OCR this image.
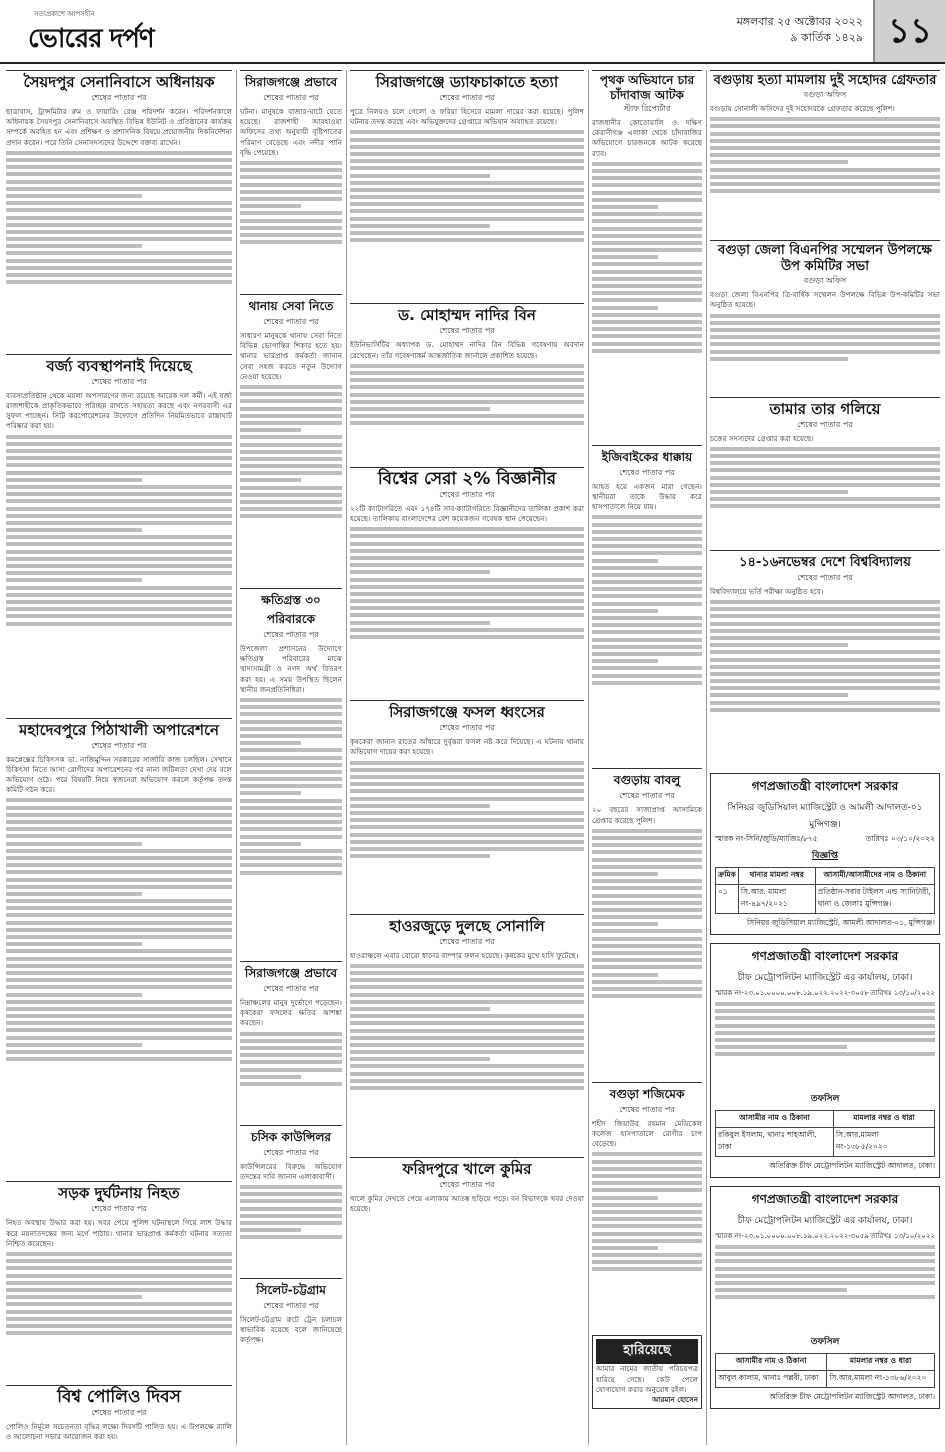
সত্যপ্রকাশে আপসহীন
ভোরের দর্পণ
মঙ্গলবার ২৫ অক্টোবর ২০২২
৯ কার্তিক ১৪২৯ ১১
সৈয়দপুর সেনানিবাসে অধিনায়ক
শেষের পাতার পর
ছাত্রাবাস, ট্রান্সমিটার রুম ও ফায়ারিং রেঞ্জ পরিদর্শন করেন। পরিদর্শনকালে অধিনায়ক সৈয়দপুর সেনানিবাসে অবস্থিত বিভিন্ন ইউনিট ও প্রতিষ্ঠানের কার্যক্রম সম্পর্কে অবহিত হন এবং প্রশিক্ষণ ও প্রশাসনিক বিষয়ে প্রয়োজনীয় দিকনির্দেশনা প্রদান করেন। পরে তিনি সেনাসদস্যদের উদ্দেশে বক্তব্য রাখেন।
বর্জ্য ব্যবস্থাপনাই দিয়েছে
শেষের পাতার পর
ব্যবসাপ্রতিষ্ঠান থেকে ময়লা অপসারণের জন্য রয়েছে আরেক দল কর্মী। এই বর্জ্য রাজশাহীকে প্রাকৃতিকভাবে পরিচ্ছন্ন রাখতে সহায়তা করছে এবং নগরবাসী এর সুফল পাচ্ছেন। সিটি করপোরেশনের উদ্যোগে প্রতিদিন নিয়মিতভাবে রাস্তাঘাট পরিষ্কার করা হয়।
মহাদেবপুরে পিঠাখালী অপারেশনে
শেষের পাতার পর
কমপ্লেক্সের চিকিৎসক ডা. নাজিমুদ্দিন সরকারের সার্জারি কাজ চলছিল। সেখানে চিকিৎসা নিতে আসা রোগীদের অপারেশনের পর নানা জটিলতা দেখা দেয় বলে অভিযোগ ওঠে। পরে বিষয়টি নিয়ে স্বজনেরা অভিযোগ করলে কর্তৃপক্ষ তদন্ত কমিটি গঠন করে।
সড়ক দুর্ঘটনায় নিহত
শেষের পাতার পর
নিহত অবস্থায় উদ্ধার করা হয়। খবর পেয়ে পুলিশ ঘটনাস্থলে গিয়ে লাশ উদ্ধার করে ময়নাতদন্তের জন্য মর্গে পাঠায়। থানার ভারপ্রাপ্ত কর্মকর্তা ঘটনার সত্যতা নিশ্চিত করেছেন।
বিশ্ব পোলিও দিবস
শেষের পাতার পর
পোলিও নির্মূলে সচেতনতা বৃদ্ধির লক্ষ্যে দিবসটি পালিত হয়। এ উপলক্ষে র‍্যালি ও আলোচনা সভার আয়োজন করা হয়।
সিরাজগঞ্জে প্রভাবে
শেষের পাতার পর
ঘটনা। মানুষকে বাজার-ঘাটে যেতে হয়েছে। রাজশাহী আবহাওয়া অফিসের তথ্য অনুযায়ী বৃষ্টিপাতের পরিমাণ বেড়েছে এবং নদীর পানি বৃদ্ধি পেয়েছে।
থানায় সেবা নিতে
শেষের পাতার পর
সাধারণ মানুষকে থানায় সেবা নিতে বিভিন্ন ভোগান্তির শিকার হতে হয়। থানার ভারপ্রাপ্ত কর্মকর্তা জানান সেবা সহজ করতে নতুন উদ্যোগ নেওয়া হয়েছে।
ক্ষতিগ্রস্ত ৩০ পরিবারকে
শেষের পাতার পর
উপজেলা প্রশাসনের উদ্যোগে ক্ষতিগ্রস্ত পরিবারের মাঝে খাদ্যসামগ্রী ও নগদ অর্থ বিতরণ করা হয়। এ সময় উপস্থিত ছিলেন স্থানীয় জনপ্রতিনিধিরা।
সিরাজগঞ্জে প্রভাবে
শেষের পাতার পর
নিম্নাঞ্চলের মানুষ দুর্ভোগে পড়েছেন। কৃষকেরা ফসলের ক্ষতির আশঙ্কা করছেন।
চসিক কাউন্সিলর
শেষের পাতার পর
কাউন্সিলরের বিরুদ্ধে অভিযোগ তদন্তের দাবি জানান এলাকাবাসী।
সিলেট-চট্টগ্রাম
শেষের পাতার পর
সিলেট-চট্টগ্রাম রুটে ট্রেন চলাচল স্বাভাবিক রয়েছে বলে জানিয়েছে কর্তৃপক্ষ।
সিরাজগঞ্জে ড্যাফচাকাতে হত্যা
শেষের পাতার পর
পুত্রে নিলয়ও চলে গেলো ও ফরিয়া হিসেবে মামলা দায়ের করা হয়েছে। পুলিশ ঘটনার তদন্ত করছে এবং অভিযুক্তদের গ্রেপ্তারে অভিযান অব্যাহত রয়েছে।
ড. মোহাম্মদ নাদির বিন
শেষের পাতার পর
ইউনিভার্সিটির অধ্যাপক ড. মোহাম্মদ নাদির বিন বিভিন্ন গবেষণায় অবদান রেখেছেন। তাঁর গবেষণাকর্ম আন্তর্জাতিক জার্নালে প্রকাশিত হয়েছে।
বিশ্বের সেরা ২% বিজ্ঞানীর
শেষের পাতার পর
২২টি ক্যাটাগরিতে এবং ১৭৪টি সাব-ক্যাটাগরিতে বিজ্ঞানীদের তালিকা প্রকাশ করা হয়েছে। তালিকায় বাংলাদেশের বেশ কয়েকজন গবেষক স্থান পেয়েছেন।
সিরাজগঞ্জে ফসল ধ্বংসের
শেষের পাতার পর
কৃষকেরা জানান রাতের আঁধারে দুর্বৃত্তরা ফসল নষ্ট করে দিয়েছে। এ ঘটনায় থানায় অভিযোগ দায়ের করা হয়েছে।
হাওরজুড়ে দুলছে সোনালি
শেষের পাতার পর
হাওরাঞ্চলে এবার বোরো ধানের বাম্পার ফলন হয়েছে। কৃষকের মুখে হাসি ফুটেছে।
ফরিদপুরে খালে কুমির
শেষের পাতার পর
খালে কুমির দেখতে পেয়ে এলাকায় আতঙ্ক ছড়িয়ে পড়ে। বন বিভাগকে খবর দেওয়া হয়েছে।
পৃথক অভিযানে চার চাঁদাবাজ আটক
স্টাফ রিপোর্টার
রাজধানীর কোতোয়ালি ও দক্ষিণ কেরানীগঞ্জ এলাকা থেকে চাঁদাবাজির অভিযোগে চারজনকে আটক করেছে র‍্যাব।
ইজিবাইকের ধাক্কায়
শেষের পাতার পর
আহত হয়ে একজন মারা গেছেন। স্থানীয়রা তাকে উদ্ধার করে হাসপাতালে নিয়ে যায়।
বগুড়ায় বাবলু
শেষের পাতার পর
২০ বছরের সাজাপ্রাপ্ত আসামিকে গ্রেপ্তার করেছে পুলিশ।
বগুড়া শজিমেক
শেষের পাতার পর
শহীদ জিয়াউর রহমান মেডিকেল কলেজ হাসপাতালে রোগীর চাপ বেড়েছে।
হারিয়েছে
আমার নামের জাতীয় পরিচয়পত্র হারিয়ে গেছে। কেউ পেলে যোগাযোগ করার অনুরোধ রইল।
আরমান হোসেন
বগুড়ায় হত্যা মামলায় দুই সহোদর গ্রেফতার
বগুড়া অফিস
বগুড়ায় সোনালী অসিদের দুই সহোদরকে গ্রেফতার করেছে পুলিশ।
বগুড়া জেলা বিএনপির সম্মেলন উপলক্ষে উপ কমিটির সভা
বগুড়া অফিস
বগুড়া জেলা বিএনপির ত্রি-বার্ষিক সম্মেলন উপলক্ষে বিভিন্ন উপ-কমিটির সভা অনুষ্ঠিত হয়েছে।
তামার তার গলিয়ে
শেষের পাতার পর
চক্রের সদস্যদের গ্রেপ্তার করা হয়েছে।
১৪-১৬নভেম্বর দেশে বিশ্ববিদ্যালয়
শেষের পাতার পর
বিশ্ববিদ্যালয়ে ভর্তি পরীক্ষা অনুষ্ঠিত হবে।
গণপ্রজাতন্ত্রী বাংলাদেশ সরকার
সিনিয়র জুডিসিয়াল ম্যাজিস্ট্রেট ও আমলী আদালত-০১
মুন্সিগঞ্জ।
স্মারক নং-সিনি/জুডি/ম্যাজিঃ/৮৭৫	তারিখঃ ০৩/১০/২০২২
বিজ্ঞপ্তি
ক্রমিক	থানার মামলা নম্বর	আসামী/আসামীদের নাম ও ঠিকানা
০১	সি.আর. মামলা নং-৪৯৭/২০২১	প্রতিষ্ঠান-সবার টাইলস এন্ড স্যানিটারী, থানা ও জেলাঃ মুন্সিগঞ্জ।
সিনিয়র জুডিসিয়াল ম্যাজিস্ট্রেট, আমলী আদালত-০১, মুন্সিগঞ্জ।
গণপ্রজাতন্ত্রী বাংলাদেশ সরকার
চীফ মেট্রোপলিটন ম্যাজিস্ট্রেট এর কার্যালয়, ঢাকা।
স্মারক নং-২৩.০১.০০০০.০০৮.১৯.০২২.২০২২-৩০৫৮ তারিখঃ ১৩/১০/২০২২
তফসিল
আসামীর নাম ও ঠিকানা	মামলার নম্বর ও ধারা
রকিবুল ইসলাম, থানাঃ শাহআলী, ঢাকা	সি.আর.মামলা নং-১৩৮৫/২০২০
অতিরিক্ত চীফ মেট্রোপলিটন ম্যাজিস্ট্রেট আদালত, ঢাকা।
গণপ্রজাতন্ত্রী বাংলাদেশ সরকার
চীফ মেট্রোপলিটন ম্যাজিস্ট্রেট এর কার্যালয়, ঢাকা।
স্মারক নং-২৩.০১.০০০০.০০৮.১৯.০২২.২০২২-৩০৫৯ তারিখঃ ১৩/১০/২০২২
তফসিল
আসামীর নাম ও ঠিকানা	মামলার নম্বর ও ধারা
আবুল কালাম, থানাঃ পল্লবী, ঢাকা	সি.আর.মামলা নং-১৩৮৬/২০২০
অতিরিক্ত চীফ মেট্রোপলিটন ম্যাজিস্ট্রেট আদালত, ঢাকা।
